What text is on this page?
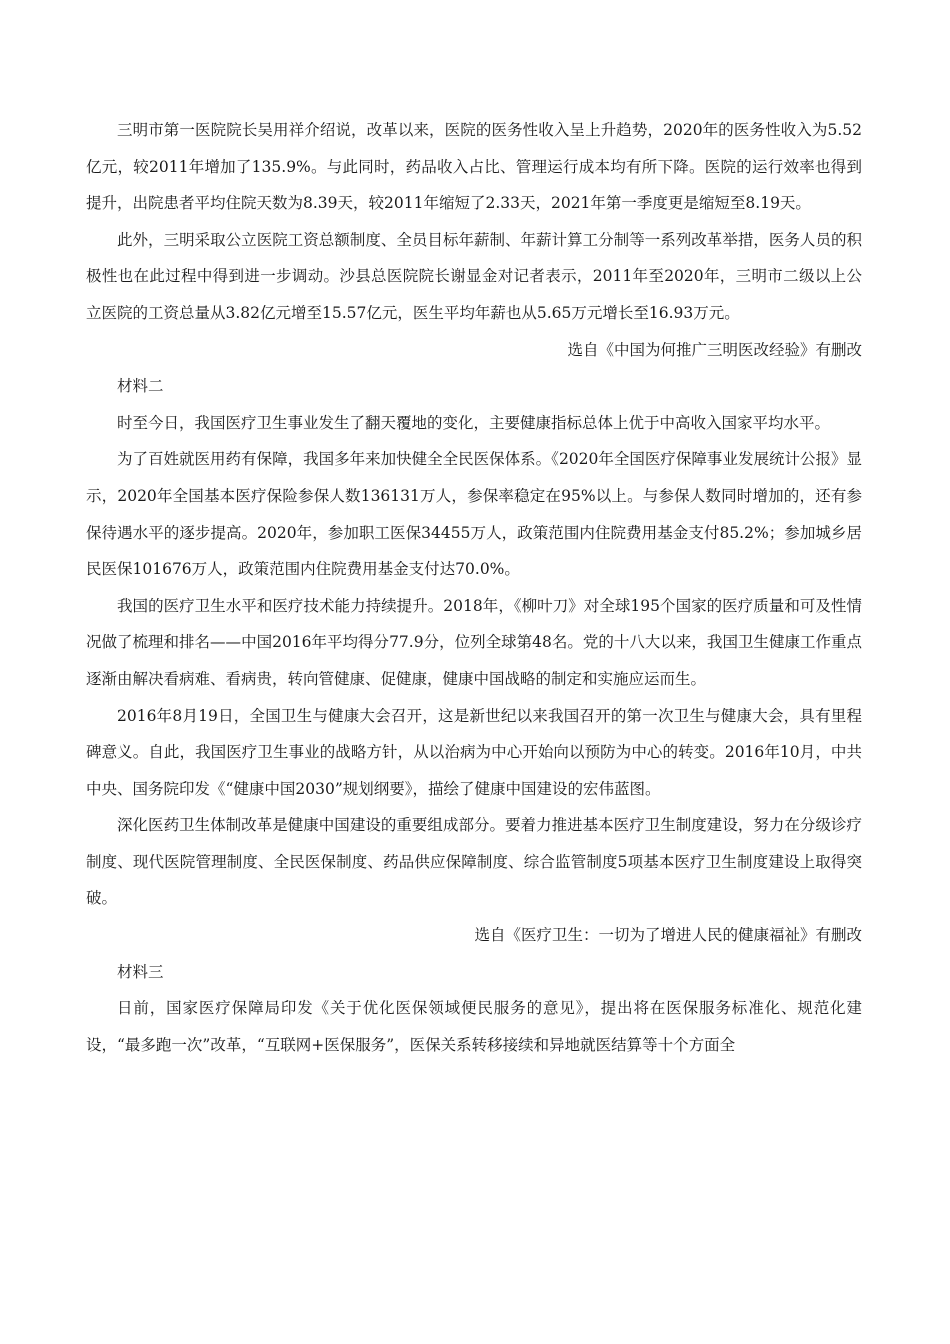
三明市第一医院院长吴用祥介绍说，改革以来，医院的医务性收入呈上升趋势，2020年的医务性收入为5.52亿元，较2011年增加了135.9%。与此同时，药品收入占比、管理运行成本均有所下降。医院的运行效率也得到提升，出院患者平均住院天数为8.39天，较2011年缩短了2.33天，2021年第一季度更是缩短至8.19天。

此外，三明采取公立医院工资总额制度、全员目标年薪制、年薪计算工分制等一系列改革举措，医务人员的积极性也在此过程中得到进一步调动。沙县总医院院长谢显金对记者表示，2011年至2020年，三明市二级以上公立医院的工资总量从3.82亿元增至15.57亿元，医生平均年薪也从5.65万元增长至16.93万元。

选自《中国为何推广三明医改经验》有删改

材料二

时至今日，我国医疗卫生事业发生了翻天覆地的变化，主要健康指标总体上优于中高收入国家平均水平。

为了百姓就医用药有保障，我国多年来加快健全全民医保体系。《2020年全国医疗保障事业发展统计公报》显示，2020年全国基本医疗保险参保人数136131万人，参保率稳定在95%以上。与参保人数同时增加的，还有参保待遇水平的逐步提高。2020年，参加职工医保34455万人，政策范围内住院费用基金支付85.2%；参加城乡居民医保101676万人，政策范围内住院费用基金支付达70.0%。

我国的医疗卫生水平和医疗技术能力持续提升。2018年，《柳叶刀》对全球195个国家的医疗质量和可及性情况做了梳理和排名——中国2016年平均得分77.9分，位列全球第48名。党的十八大以来，我国卫生健康工作重点逐渐由解决看病难、看病贵，转向管健康、促健康，健康中国战略的制定和实施应运而生。

2016年8月19日，全国卫生与健康大会召开，这是新世纪以来我国召开的第一次卫生与健康大会，具有里程碑意义。自此，我国医疗卫生事业的战略方针，从以治病为中心开始向以预防为中心的转变。2016年10月，中共中央、国务院印发《“健康中国2030”规划纲要》，描绘了健康中国建设的宏伟蓝图。

深化医药卫生体制改革是健康中国建设的重要组成部分。要着力推进基本医疗卫生制度建设，努力在分级诊疗制度、现代医院管理制度、全民医保制度、药品供应保障制度、综合监管制度5项基本医疗卫生制度建设上取得突破。

选自《医疗卫生：一切为了增进人民的健康福祉》有删改

材料三

日前，国家医疗保障局印发《关于优化医保领域便民服务的意见》，提出将在医保服务标准化、规范化建设，“最多跑一次”改革，“互联网+医保服务”，医保关系转移接续和异地就医结算等十个方面全
